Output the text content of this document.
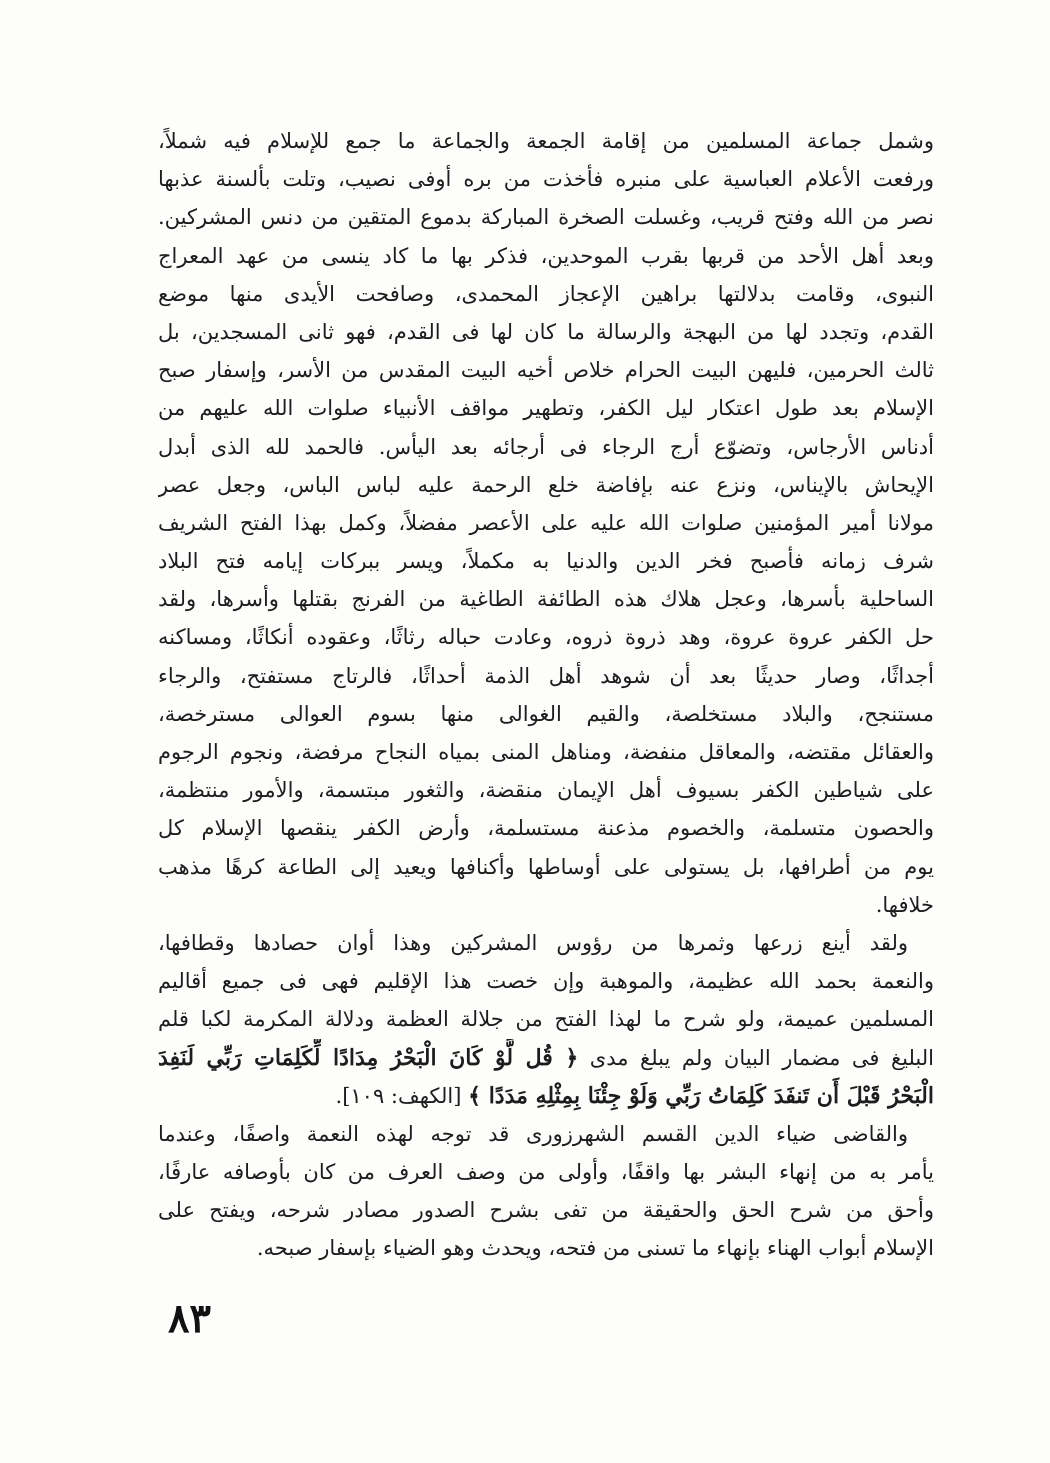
وشمل جماعة المسلمين من إقامة الجمعة والجماعة ما جمع للإسلام فيه شملاً،
ورفعت الأعلام العباسية على منبره فأخذت من بره أوفى نصيب، وتلت بألسنة عذبها
نصر من الله وفتح قريب، وغسلت الصخرة المباركة بدموع المتقين من دنس المشركين.
وبعد أهل الأحد من قربها بقرب الموحدين، فذكر بها ما كاد ينسى من عهد المعراج
النبوى، وقامت بدلالتها براهين الإعجاز المحمدى، وصافحت الأيدى منها موضع
القدم، وتجدد لها من البهجة والرسالة ما كان لها فى القدم، فهو ثانى المسجدين، بل
ثالث الحرمين، فليهن البيت الحرام خلاص أخيه البيت المقدس من الأسر، وإسفار صبح
الإسلام بعد طول اعتكار ليل الكفر، وتطهير مواقف الأنبياء صلوات الله عليهم من
أدناس الأرجاس، وتضوّع أرج الرجاء فى أرجائه بعد اليأس. فالحمد لله الذى أبدل
الإيحاش بالإيناس، ونزع عنه بإفاضة خلع الرحمة عليه لباس الباس، وجعل عصر
مولانا أمير المؤمنين صلوات الله عليه على الأعصر مفضلاً، وكمل بهذا الفتح الشريف
شرف زمانه فأصبح فخر الدين والدنيا به مكملاً، ويسر ببركات إيامه فتح البلاد
الساحلية بأسرها، وعجل هلاك هذه الطائفة الطاغية من الفرنج بقتلها وأسرها، ولقد
حل الكفر عروة عروة، وهد ذروة ذروه، وعادت حباله رثاثًا، وعقوده أنكاثًا، ومساكنه
أجداثًا، وصار حديثًا بعد أن شوهد أهل الذمة أحداثًا، فالرتاج مستفتح، والرجاء
مستنجح، والبلاد مستخلصة، والقيم الغوالى منها بسوم العوالى مسترخصة،
والعقائل مقتضه، والمعاقل منفضة، ومناهل المنى بمياه النجاح مرفضة، ونجوم الرجوم
على شياطين الكفر بسيوف أهل الإيمان منقضة، والثغور مبتسمة، والأمور منتظمة،
والحصون متسلمة، والخصوم مذعنة مستسلمة، وأرض الكفر ينقصها الإسلام كل
يوم من أطرافها، بل يستولى على أوساطها وأكنافها ويعيد إلى الطاعة كرهًا مذهب
خلافها.
ولقد أينع زرعها وثمرها من رؤوس المشركين وهذا أوان حصادها وقطافها،
والنعمة بحمد الله عظيمة، والموهبة وإن خصت هذا الإقليم فهى فى جميع أقاليم
المسلمين عميمة، ولو شرح ما لهذا الفتح من جلالة العظمة ودلالة المكرمة لكبا قلم
البليغ فى مضمار البيان ولم يبلغ مدى ﴿ قُل لَّوْ كَانَ الْبَحْرُ مِدَادًا لِّكَلِمَاتِ رَبِّي لَنَفِدَ
الْبَحْرُ قَبْلَ أَن تَنفَدَ كَلِمَاتُ رَبِّي وَلَوْ جِئْنَا بِمِثْلِهِ مَدَدًا ﴾ [الكهف: ١٠٩].
والقاضى ضياء الدين القسم الشهرزورى قد توجه لهذه النعمة واصفًا، وعندما
يأمر به من إنهاء البشر بها واقفًا، وأولى من وصف العرف من كان بأوصافه عارفًا،
وأحق من شرح الحق والحقيقة من تفى بشرح الصدور مصادر شرحه، ويفتح على
الإسلام أبواب الهناء بإنهاء ما تسنى من فتحه، ويحدث وهو الضياء بإسفار صبحه.
٨٣
